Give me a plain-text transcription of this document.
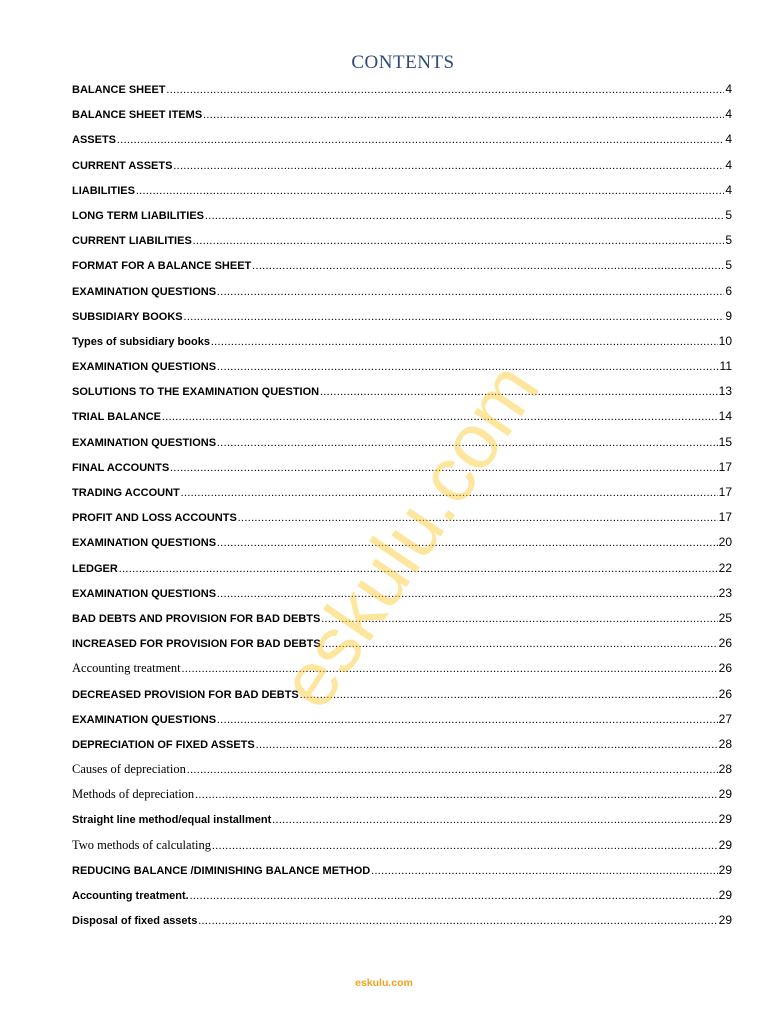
CONTENTS
BALANCE SHEET .....	4
BALANCE SHEET ITEMS .....	4
ASSETS .....	4
CURRENT ASSETS .....	4
LIABILITIES .....	4
LONG TERM LIABILITIES .....	5
CURRENT LIABILITIES .....	5
FORMAT FOR A BALANCE SHEET .....	5
EXAMINATION QUESTIONS .....	6
SUBSIDIARY BOOKS .....	9
Types of subsidiary books .....	10
EXAMINATION QUESTIONS .....	11
SOLUTIONS TO THE EXAMINATION QUESTION .....	13
TRIAL BALANCE .....	14
EXAMINATION QUESTIONS .....	15
FINAL ACCOUNTS .....	17
TRADING ACCOUNT .....	17
PROFIT AND LOSS ACCOUNTS .....	17
EXAMINATION QUESTIONS .....	20
LEDGER .....	22
EXAMINATION QUESTIONS .....	23
BAD DEBTS AND PROVISION FOR BAD DEBTS .....	25
INCREASED FOR PROVISION FOR BAD DEBTS .....	26
Accounting treatment .....	26
DECREASED PROVISION FOR BAD DEBTS .....	26
EXAMINATION QUESTIONS .....	27
DEPRECIATION OF FIXED ASSETS .....	28
Causes of depreciation .....	28
Methods of depreciation .....	29
Straight line method/equal installment .....	29
Two methods of calculating .....	29
REDUCING BALANCE /DIMINISHING BALANCE METHOD .....	29
Accounting treatment. .....	29
Disposal of fixed assets .....	29
eskulu.com
eskulu.com
